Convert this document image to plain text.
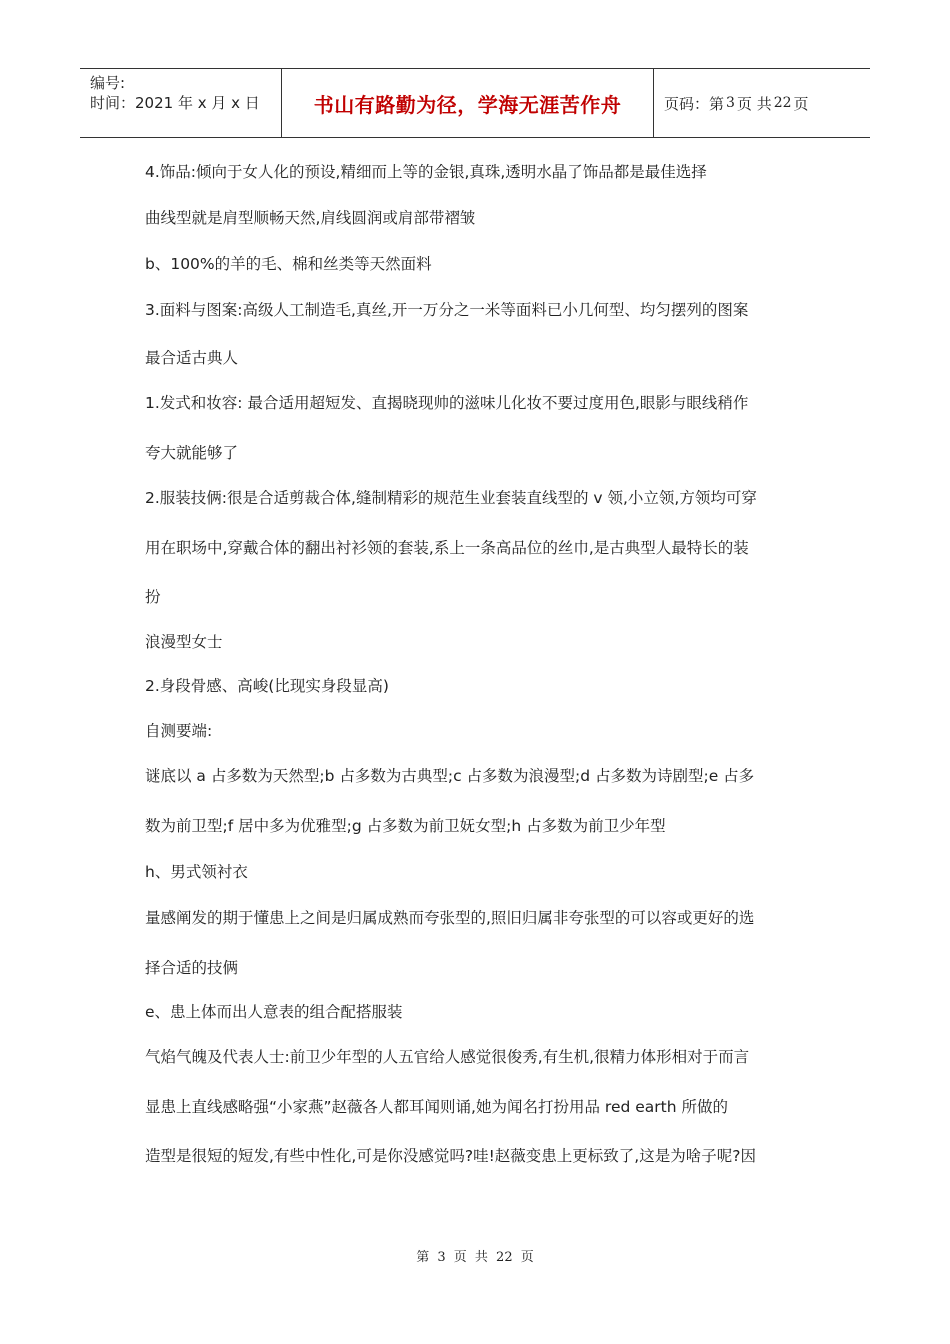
编号:
时间：2021 年 x 月 x 日	书山有路勤为径，学海无涯苦作舟	页码：第 3 页 共 22 页
4.饰品:倾向于女人化的预设,精细而上等的金银,真珠,透明水晶了饰品都是最佳选择
曲线型就是肩型顺畅天然,肩线圆润或肩部带褶皱
b、100%的羊的毛、棉和丝类等天然面料
3.面料与图案:高级人工制造毛,真丝,开一万分之一米等面料已小几何型、均匀摆列的图案
最合适古典人
1.发式和妆容: 最合适用超短发、直揭晓现帅的滋味儿化妆不要过度用色,眼影与眼线稍作
夸大就能够了
2.服装技俩:很是合适剪裁合体,缝制精彩的规范生业套装直线型的 v 领,小立领,方领均可穿
用在职场中,穿戴合体的翻出衬衫领的套装,系上一条高品位的丝巾,是古典型人最特长的装
扮
浪漫型女士
2.身段骨感、高峻(比现实身段显高)
自测要端:
谜底以 a 占多数为天然型;b 占多数为古典型;c 占多数为浪漫型;d 占多数为诗剧型;e 占多
数为前卫型;f 居中多为优雅型;g 占多数为前卫妩女型;h 占多数为前卫少年型
h、男式领衬衣
量感阐发的期于懂患上之间是归属成熟而夸张型的,照旧归属非夸张型的可以容或更好的选
择合适的技俩
e、患上体而出人意表的组合配搭服装
气焰气魄及代表人士:前卫少年型的人五官给人感觉很俊秀,有生机,很精力体形相对于而言
显患上直线感略强“小家燕”赵薇各人都耳闻则诵,她为闻名打扮用品 red earth 所做的
造型是很短的短发,有些中性化,可是你没感觉吗?哇!赵薇变患上更标致了,这是为啥子呢?因
第 3 页 共 22 页
